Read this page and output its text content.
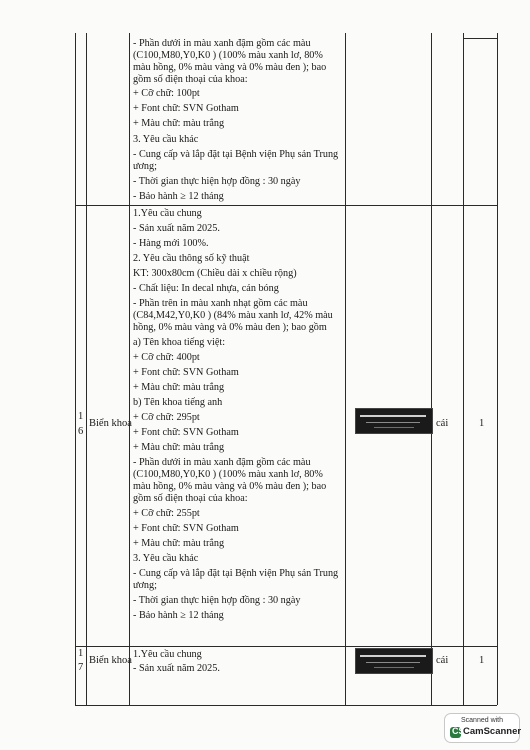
- Phần dưới in màu xanh đậm gồm các màu
(C100,M80,Y0,K0 ) (100% màu xanh lơ, 80%
màu hồng, 0% màu vàng và 0% màu đen ); bao
gồm số điện thoại của khoa:
+ Cỡ chữ: 100pt
+ Font chữ: SVN Gotham
+ Màu chữ: màu trắng
3. Yêu cầu khác
- Cung cấp và lắp đặt tại Bệnh viện Phụ sản Trung
ương;
- Thời gian thực hiện hợp đồng : 30 ngày
- Bảo hành ≥ 12 tháng
1
6
Biển khoa
1.Yêu cầu chung
- Sản xuất năm 2025.
- Hàng mới 100%.
2. Yêu cầu thông số kỹ thuật
KT: 300x80cm (Chiều dài x chiều rộng)
- Chất liệu: In decal nhựa, cán bóng
- Phần trên in màu xanh nhạt gồm các màu
(C84,M42,Y0,K0 ) (84% màu xanh lơ, 42% màu
hồng, 0% màu vàng và 0% màu đen ); bao gồm
a) Tên khoa tiếng việt:
+ Cỡ chữ: 400pt
+ Font chữ: SVN Gotham
+ Màu chữ: màu trắng
b) Tên khoa tiếng anh
+ Cỡ chữ: 295pt
+ Font chữ: SVN Gotham
+ Màu chữ: màu trắng
- Phần dưới in màu xanh đậm gồm các màu
(C100,M80,Y0,K0 ) (100% màu xanh lơ, 80%
màu hồng, 0% màu vàng và 0% màu đen ); bao
gồm số điện thoại của khoa:
+ Cỡ chữ: 255pt
+ Font chữ: SVN Gotham
+ Màu chữ: màu trắng
3. Yêu cầu khác
- Cung cấp và lắp đặt tại Bệnh viện Phụ sản Trung
ương;
- Thời gian thực hiện hợp đồng : 30 ngày
- Bảo hành ≥ 12 tháng
cái	1
1
7
Biển khoa
1.Yêu cầu chung
- Sản xuất năm 2025.
cái	1
Scanned with
CS
CamScanner
